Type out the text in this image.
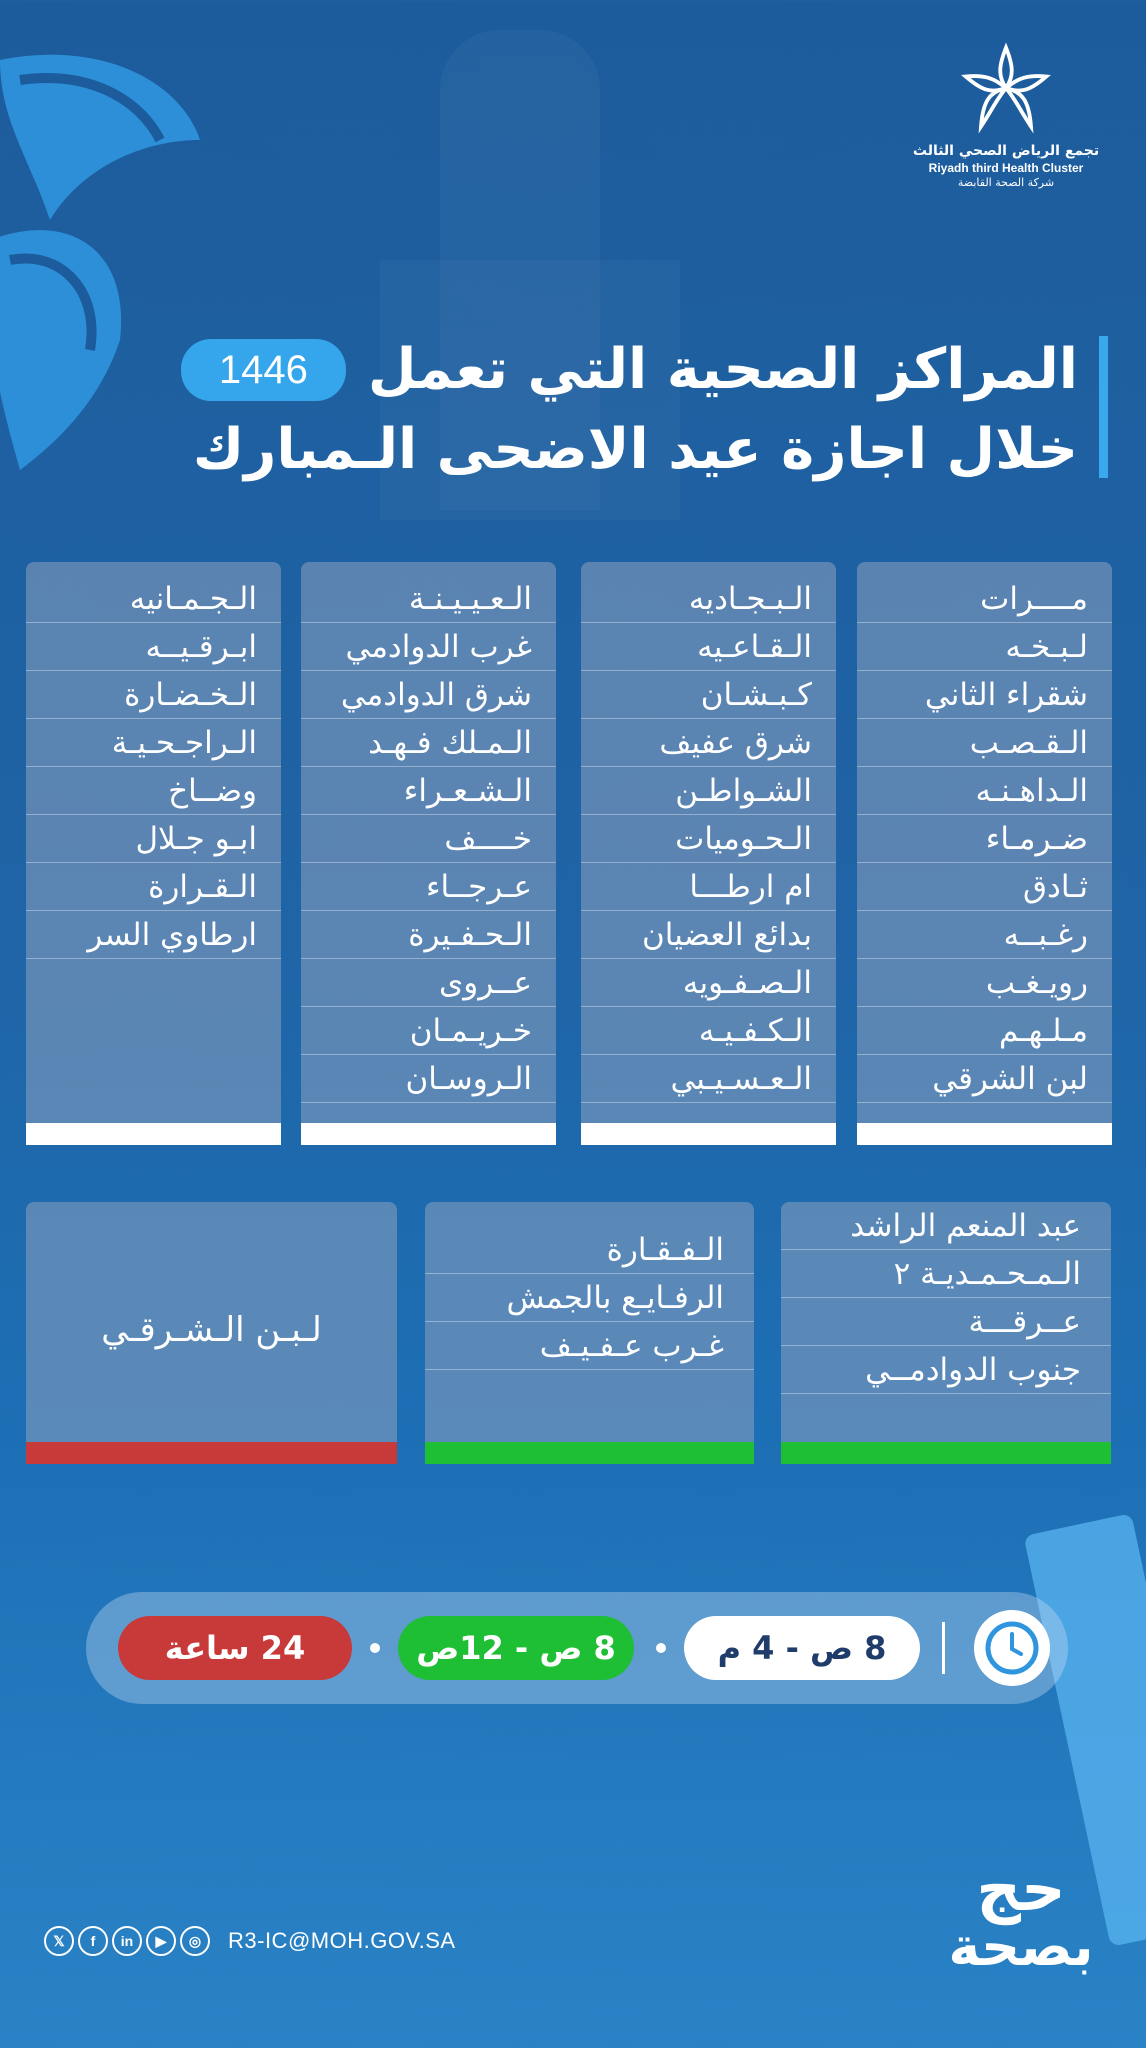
تجمع الرياض الصحي الثالث
Riyadh third Health Cluster
شركة الصحة القابضة
المراكز الصحية التي تعمل
1446
خلال اجازة عيد الاضحى الـمبارك
مــــرات
لـبـخـه
شقراء الثاني
الـقـصـب
الـداهـنـه
ضـرمـاء
ثـادق
رغـبــه
رويـغـب
مـلـهـم
لبن الشرقي
الـبـجـاديه
الـقـاعـيه
كـبـشـان
شرق عفيف
الشـواطـن
الـحـوميات
ام ارطـــا
بدائع العضيان
الـصـفـويه
الـكـفـيـه
الـعـسـيـبي
الـعـيـيـنـة
غرب الدوادمي
شرق الدوادمي
الـمـلك فـهـد
الـشـعـراء
خــــف
عـرجــاء
الـحـفـيرة
عــروى
خـريـمـان
الـروسـان
الـجـمـانيه
ابـرقـيــه
الـخـضـارة
الـراجـحـيـة
وضــاخ
ابـو جـلال
الـقـرارة
ارطاوي السر
عبد المنعم الراشد
الـمـحـمـديـة ٢
عــرقـــة
جنوب الدوادمــي
الـفـقـارة
الرفـايـع بالجمش
غـرب عـفـيـف
لـبـن الـشـرقـي
8 ص - 4 م
8 ص - 12ص
24 ساعة
𝕏	f	in	▶	◎	R3-IC@MOH.GOV.SA
حج
بصحة
